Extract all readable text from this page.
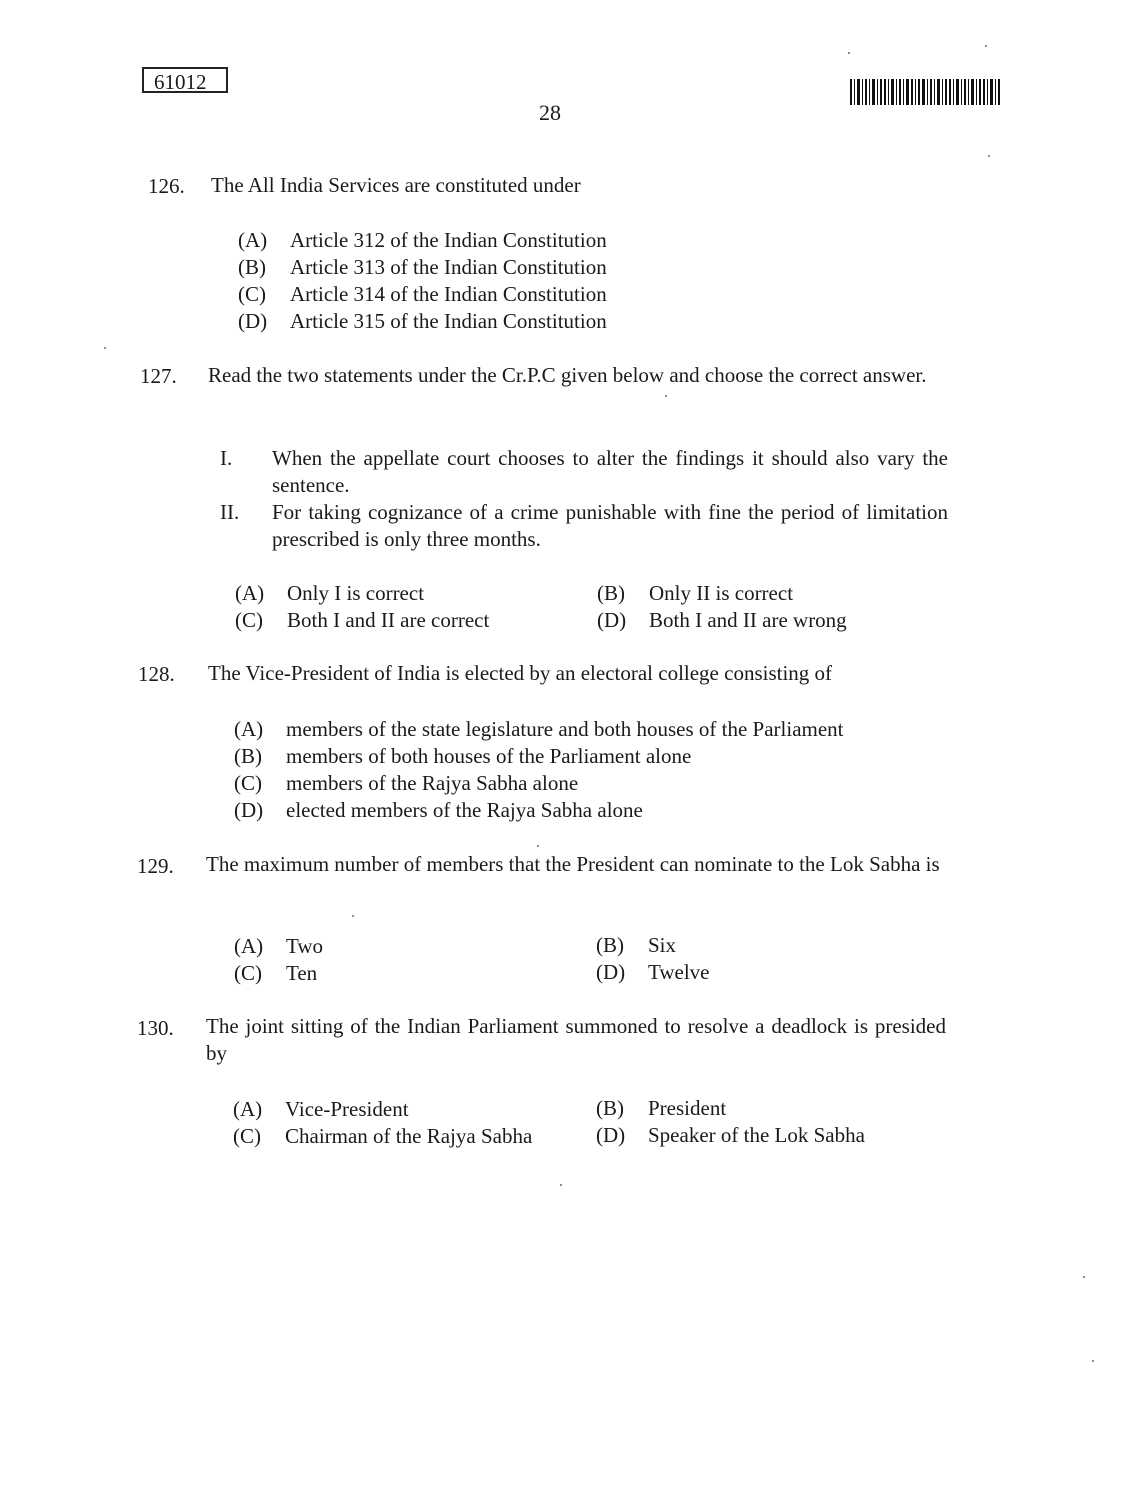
61012
28
126.	The All India Services are constituted under
(A) Article 312 of the Indian Constitution
(B) Article 313 of the Indian Constitution
(C) Article 314 of the Indian Constitution
(D) Article 315 of the Indian Constitution
127.	Read the two statements under the Cr.P.C given below and choose the correct answer.
I. When the appellate court chooses to alter the findings it should also vary the sentence.
II. For taking cognizance of a crime punishable with fine the period of limitation prescribed is only three months.
(A) Only I is correct	(B) Only II is correct
(C) Both I and II are correct	(D) Both I and II are wrong
128.	The Vice-President of India is elected by an electoral college consisting of
(A) members of the state legislature and both houses of the Parliament
(B) members of both houses of the Parliament alone
(C) members of the Rajya Sabha alone
(D) elected members of the Rajya Sabha alone
129.	The maximum number of members that the President can nominate to the Lok Sabha is
(A) Two	(B) Six
(C) Ten	(D) Twelve
130.	The joint sitting of the Indian Parliament summoned to resolve a deadlock is presided by
(A) Vice-President	(B) President
(C) Chairman of the Rajya Sabha	(D) Speaker of the Lok Sabha
